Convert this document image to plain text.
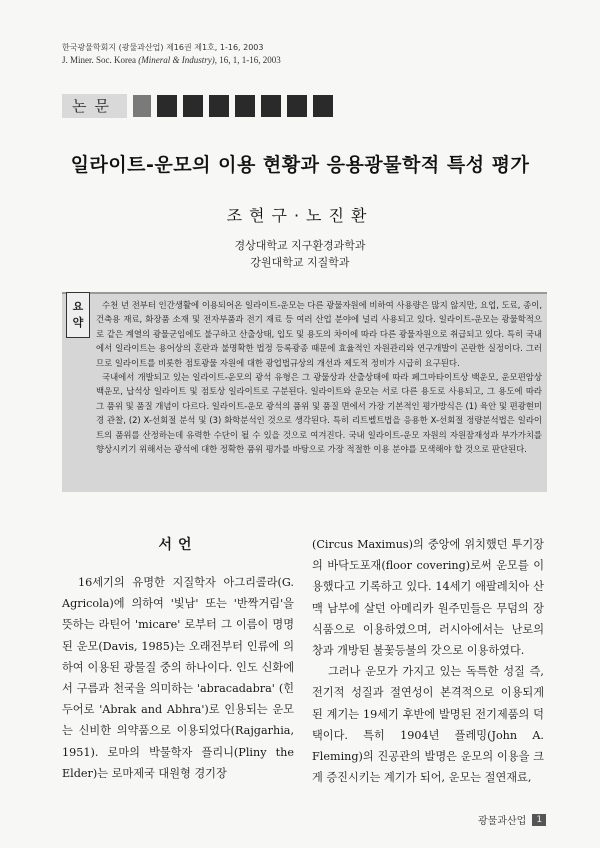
한국광물학회지 (광물과산업) 제16권 제1호, 1-16, 2003
J. Miner. Soc. Korea (Mineral & Industry), 16, 1, 1-16, 2003
논문
일라이트-운모의 이용 현황과 응용광물학적 특성 평가
조현구·노진환
경상대학교 지구환경과학과
강원대학교 지질학과
요
약

수천 년 전부터 인간생활에 이용되어온 일라이트-운모는 다른 광물자원에 비하여 사용량은 많지 않지만, 요업, 도료, 종이, 건축용 재료, 화장품 소재 및 전자부품과 전기 재료 등 여러 산업 분야에 널리 사용되고 있다. 일라이트-운모는 광물학적으로 같은 계열의 광물군임에도 불구하고 산출상태, 입도 및 용도의 차이에 따라 다른 광물자원으로 취급되고 있다. 특히 국내에서 일라이트는 용어상의 혼란과 불명확한 법정 등록광종 때문에 효율적인 자원관리와 연구개발이 곤란한 실정이다. 그러므로 일라이트를 비롯한 점토광물 자원에 대한 광업법규상의 개선과 제도적 정비가 시급히 요구된다.

국내에서 개발되고 있는 일라이트-운모의 광석 유형은 그 광물상과 산출상태에 따라 페그마타이트상 백운모, 운모편암상 백운모, 납석상 일라이트 및 점토상 일라이트로 구분된다. 일라이트와 운모는 서로 다른 용도로 사용되고, 그 용도에 따라 그 품위 및 품질 개념이 다르다. 일라이트-운모 광석의 품위 및 품질 면에서 가장 기본적인 평가방식은 (1) 육안 및 편광현미경 관찰, (2) X-선회절 분석 및 (3) 화학분석인 것으로 생각된다. 특히 리트벨트법을 응용한 X-선회절 정량분석법은 일라이트의 품위를 산정하는데 유력한 수단이 될 수 있을 것으로 여겨진다. 국내 일라이트-운모 자원의 자원잠재성과 부가가치를 향상시키기 위해서는 광석에 대한 정확한 품위 평가를 바탕으로 가장 적절한 이용 분야를 모색해야 할 것으로 판단된다.

서언

16세기의 유명한 지질학자 아그리콜라(G. Agricola)에 의하여 '빛남' 또는 '반짝거림'을 뜻하는 라틴어 'micare' 로부터 그 이름이 명명된 운모(Davis, 1985)는 오래전부터 인류에 의하여 이용된 광물질 중의 하나이다. 인도 신화에서 구름과 천국을 의미하는 'abracadabra' (힌두어로 'Abrak and Abhra')로 인용되는 운모는 신비한 의약품으로 이용되었다(Rajgarhia, 1951). 로마의 박물학자 플리니(Pliny the Elder)는 로마제국 대원형 경기장

(Circus Maximus)의 중앙에 위치했던 투기장의 바닥도포재(floor covering)로써 운모를 이용했다고 기록하고 있다. 14세기 애팔레치아 산맥 남부에 살던 아메리카 원주민들은 무덤의 장식품으로 이용하였으며, 러시아에서는 난로의 창과 개방된 불꽃등불의 갓으로 이용하였다.

그러나 운모가 가지고 있는 독특한 성질 즉, 전기적 성질과 절연성이 본격적으로 이용되게 된 계기는 19세기 후반에 발명된 전기제품의 덕택이다. 특히 1904년 플레밍(John A. Fleming)의 진공관의 발명은 운모의 이용을 크게 증진시키는 계기가 되어, 운모는 절연재료,

광물과산업	1
